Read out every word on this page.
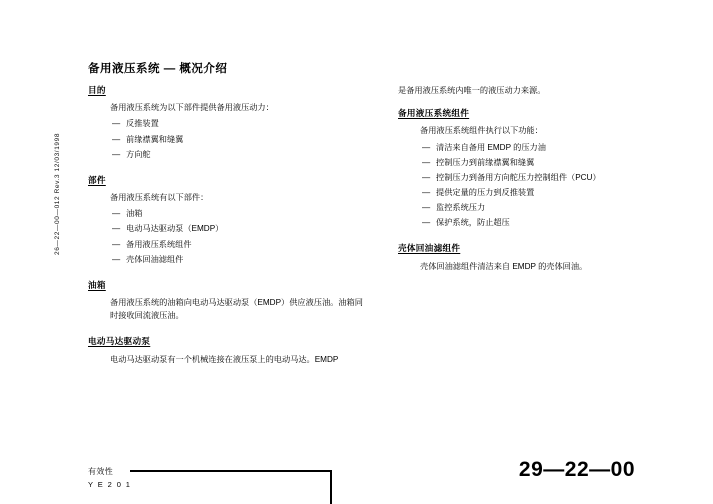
26—22—00—012 Rev.3 12/03/1998
备用液压系统 — 概况介绍
目的
备用液压系统为以下部件提供备用液压动力：
— 反推装置
— 前缘襟翼和缝翼
— 方向舵
部件
备用液压系统有以下部件：
— 油箱
— 电动马达驱动泵（EMDP）
— 备用液压系统组件
— 壳体回油滤组件
油箱
备用液压系统的油箱向电动马达驱动泵（EMDP）供应液压油。油箱同时接收回流液压油。
电动马达驱动泵
电动马达驱动泵有一个机械连接在液压泵上的电动马达。EMDP
是备用液压系统内唯一的液压动力来源。
备用液压系统组件
备用液压系统组件执行以下功能：
— 清洁来自备用 EMDP 的压力油
— 控制压力到前缘襟翼和缝翼
— 控制压力到备用方向舵压力控制组件（PCU）
— 提供定量的压力到反推装置
— 监控系统压力
— 保护系统，防止超压
壳体回油滤组件
壳体回油滤组件清洁来自 EMDP 的壳体回油。
有效性
Y E 2 0 1
29—22—00
